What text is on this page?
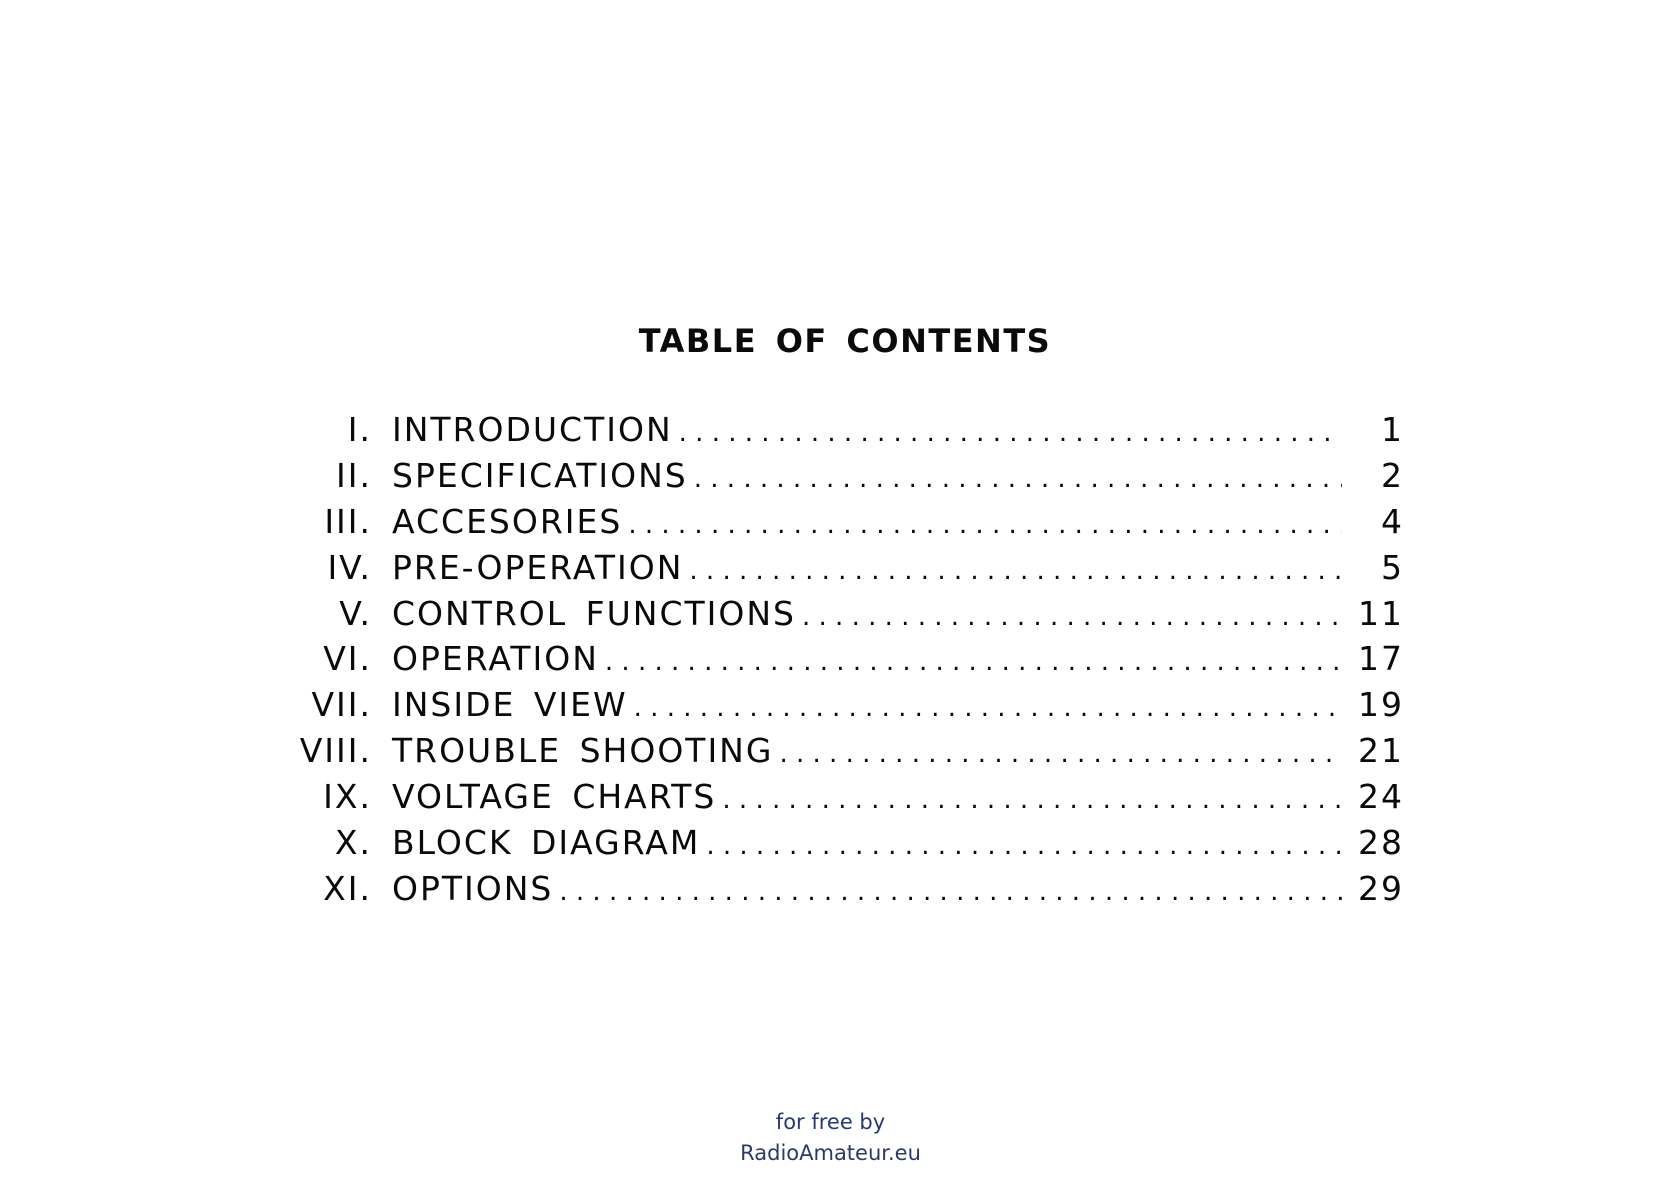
TABLE OF CONTENTS
I. INTRODUCTION . . .	1
II. SPECIFICATIONS . . .	2
III. ACCESORIES . . .	4
IV. PRE-OPERATION . . .	5
V. CONTROL FUNCTIONS . . .	11
VI. OPERATION . . .	17
VII. INSIDE VIEW . . .	19
VIII. TROUBLE SHOOTING . . .	21
IX. VOLTAGE CHARTS . . .	24
X. BLOCK DIAGRAM . . .	28
XI. OPTIONS . . .	29
for free by
RadioAmateur.eu
